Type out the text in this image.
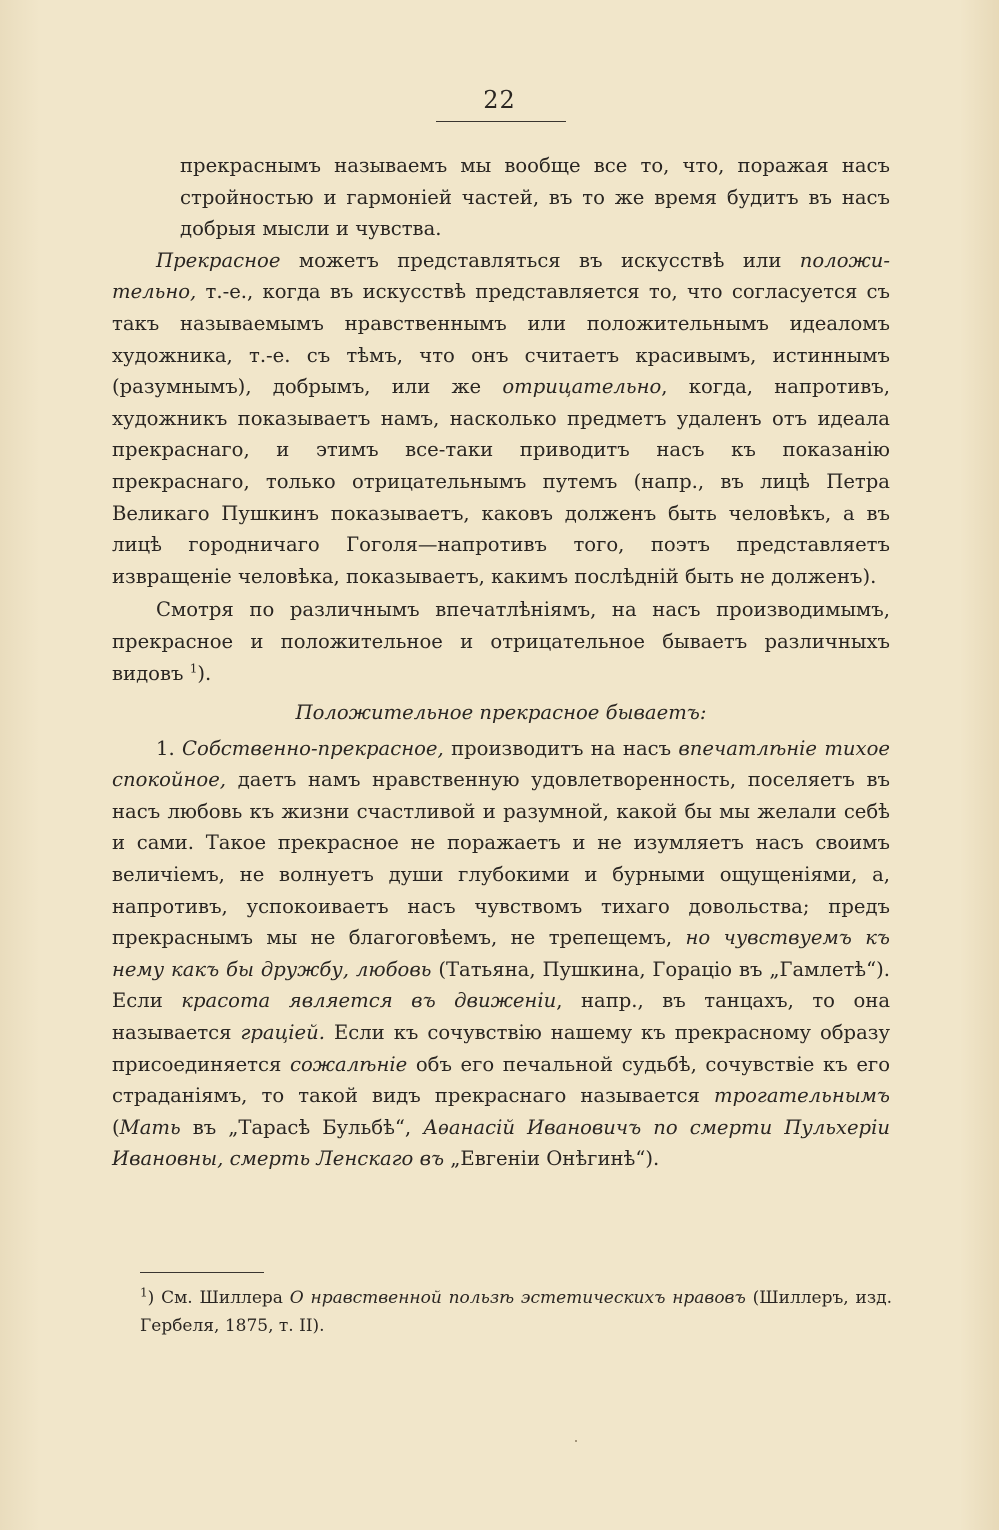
22

прекраснымъ называемъ мы вообще все то, что, поражая насъ стройностью и гармоніей частей, въ то же время будитъ въ насъ добрыя мысли и чувства.

Прекрасное можетъ представляться въ искусствѣ или положи-тельно, т.-е., когда въ искусствѣ представляется то, что согласуется съ такъ называемымъ нравственнымъ или положительнымъ идеаломъ художника, т.-е. съ тѣмъ, что онъ считаетъ красивымъ, истиннымъ (разумнымъ), добрымъ, или же отрицательно, когда, напротивъ, художникъ показываетъ намъ, насколько предметъ удаленъ отъ идеала прекраснаго, и этимъ все-таки приводитъ насъ къ показанію прекраснаго, только отрицательнымъ путемъ (напр., въ лицѣ Петра Великаго Пушкинъ показываетъ, каковъ долженъ быть человѣкъ, а въ лицѣ городничаго Гоголя—напротивъ того, поэтъ представляетъ извращеніе человѣка, показываетъ, какимъ послѣдній быть не долженъ).

Смотря по различнымъ впечатлѣніямъ, на насъ производимымъ, прекрасное и положительное и отрицательное бываетъ различныхъ видовъ $^1$).

Положительное прекрасное бываетъ:

1. Собственно-прекрасное, производитъ на насъ впечатлѣніе тихое спокойное, даетъ намъ нравственную удовлетворенность, поселяетъ въ насъ любовь къ жизни счастливой и разумной, какой бы мы желали себѣ и сами. Такое прекрасное не поражаетъ и не изумляетъ насъ своимъ величіемъ, не волнуетъ души глубокими и бурными ощущеніями, а, напротивъ, успокоиваетъ насъ чувствомъ тихаго довольства; предъ прекраснымъ мы не благоговѣемъ, не трепещемъ, но чувствуемъ къ нему какъ бы дружбу, любовь (Татьяна, Пушкина, Гораціо въ „Гамлетѣ“). Если красота является въ движеніи, напр., въ танцахъ, то она называется граціей. Если къ сочувствію нашему къ прекрасному образу присоединяется сожалѣніе объ его печальной судьбѣ, сочувствіе къ его страданіямъ, то такой видъ прекраснаго называется трогательнымъ (Мать въ „Тарасѣ Бульбѣ“, Аѳанасій Ивановичъ по смерти Пульхеріи Ивановны, смерть Ленскаго въ „Евгеніи Онѣгинѣ“).

$^1$) См. Шиллера О нравственной пользѣ эстетическихъ нравовъ (Шиллеръ, изд. Гербеля, 1875, т. II).
